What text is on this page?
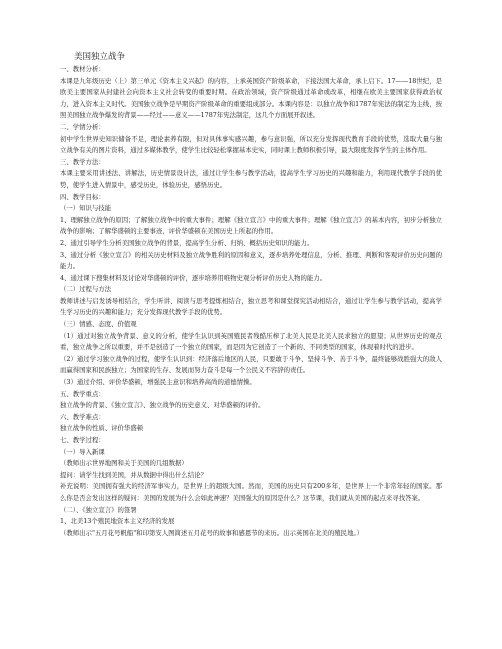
美国独立战争

一、教材分析：

本课是九年级历史（上）第三单元《资本主义兴起》的内容，上承英国资产阶级革命，下接法国大革命，承上启下。17——18世纪，是欧美主要国家从封建社会向资本主义社会转变的重要时期。在政治领域，资产阶级通过革命或改革，相继在欧美主要国家获得政治权力，进入资本主义时代。美国独立战争是早期资产阶级革命的重要组成部分。本课内容是：以独立战争和1787年宪法的制定为主线，按照美国独立战争爆发的背景——经过——意义——1787年宪法制定，这几个方面展开叙述。

二、学情分析：

初中学生世界史知识储备不足，理论素养有限，但对具体事实感兴趣，参与意识强，所以充分发挥现代教育手段的优势，选取大量与独立战争有关的图片资料，通过多媒体教学，使学生比较轻松掌握基本史实，同时课上教师积极引导，最大限度发挥学生的主体作用。

三、教学方法：

本课主要采用讲述法、讲解法，历史情景设计法，通过让学生参与教学活动，提高学生学习历史的兴趣和能力，利用现代教学手段的优势，使学生进入情景中，感受历史，体验历史，感悟历史。

四、教学目标：

（一）知识与技能

1、理解独立战争的原因；了解独立战争中的重大事件；理解《独立宣言》中的重大事件；理解《独立宣言》的基本内容，初步分析独立战争的影响；了解华盛顿的主要事迹，评价华盛顿在美国历史上所起的作用。

2、通过引导学生分析美国独立战争的背景，提高学生分析、归纳、概括历史知识的能力。

3、通过分析《独立宣言》的相关历史材料及独立战争胜利的原因和意义，逐步培养处理信息，分析、推理、判断和客观评价历史问题的能力。

4、通过课下搜集材料及讨论对华盛顿的评价，逐步培养用唯物史观分析评价历史人物的能力。

（二）过程与方法

教师讲述与启发诱导相结合，学生听讲、阅读与思考提炼相结合，独立思考和课堂探究活动相结合，通过让学生参与教学活动，提高学生学习历史的兴趣和能力；充分发挥现代教学手段的优势。

（三）情感、态度、价值观

（1）通过对独立战争背景、意义的分析，使学生认识到英国殖民者残酷压榨了北美人民是北美人民求独立的愿望；从世界历史的观点看，独立战争之所以重要，并不是创造了一个独立的国家，而是因为它创造了一个新的、不同类型的国家，体现着时代的进步。

（2）通过学习独立战争的过程，使学生认识到：经济落后地区的人民，只要敢于斗争、坚持斗争、善于斗争，最终能够战胜强大的敌人而赢得国家和民族独立；为国家的生存、发展而努力奋斗是每一个公民义不容辞的责任。

（3）通过介绍、评价华盛顿，增强民主意识和培养高尚的道德情操。

五、教学重点：

独立战争的背景、《独立宣言》、独立战争的历史意义、对华盛顿的评价。

六、教学难点：

独立战争的性质、评价华盛顿

七、教学过程：

（一）导入新课

（教师出示世界地图和关于美国的几组数据）

提问：请学生找到美国，并从数据中得出什么结论？

补充说明：美国拥有强大的经济军事实力，是世界上的超级大国。然而，美国的历史只有200多年，是世界上一个非常年轻的国家。那么你是否会发出这样的疑问：美国的发展为什么会如此神速？美国强大的原因是什么？这节课，我们就从美国的起点来寻找答案。

（二）、《独立宣言》的签署

1、北美13个殖民地资本主义经济的发展

（教师出示"五月花号帆船"和印第安人图简述五月花号的故事和感恩节的来历。出示英国在北美的殖民地。）
